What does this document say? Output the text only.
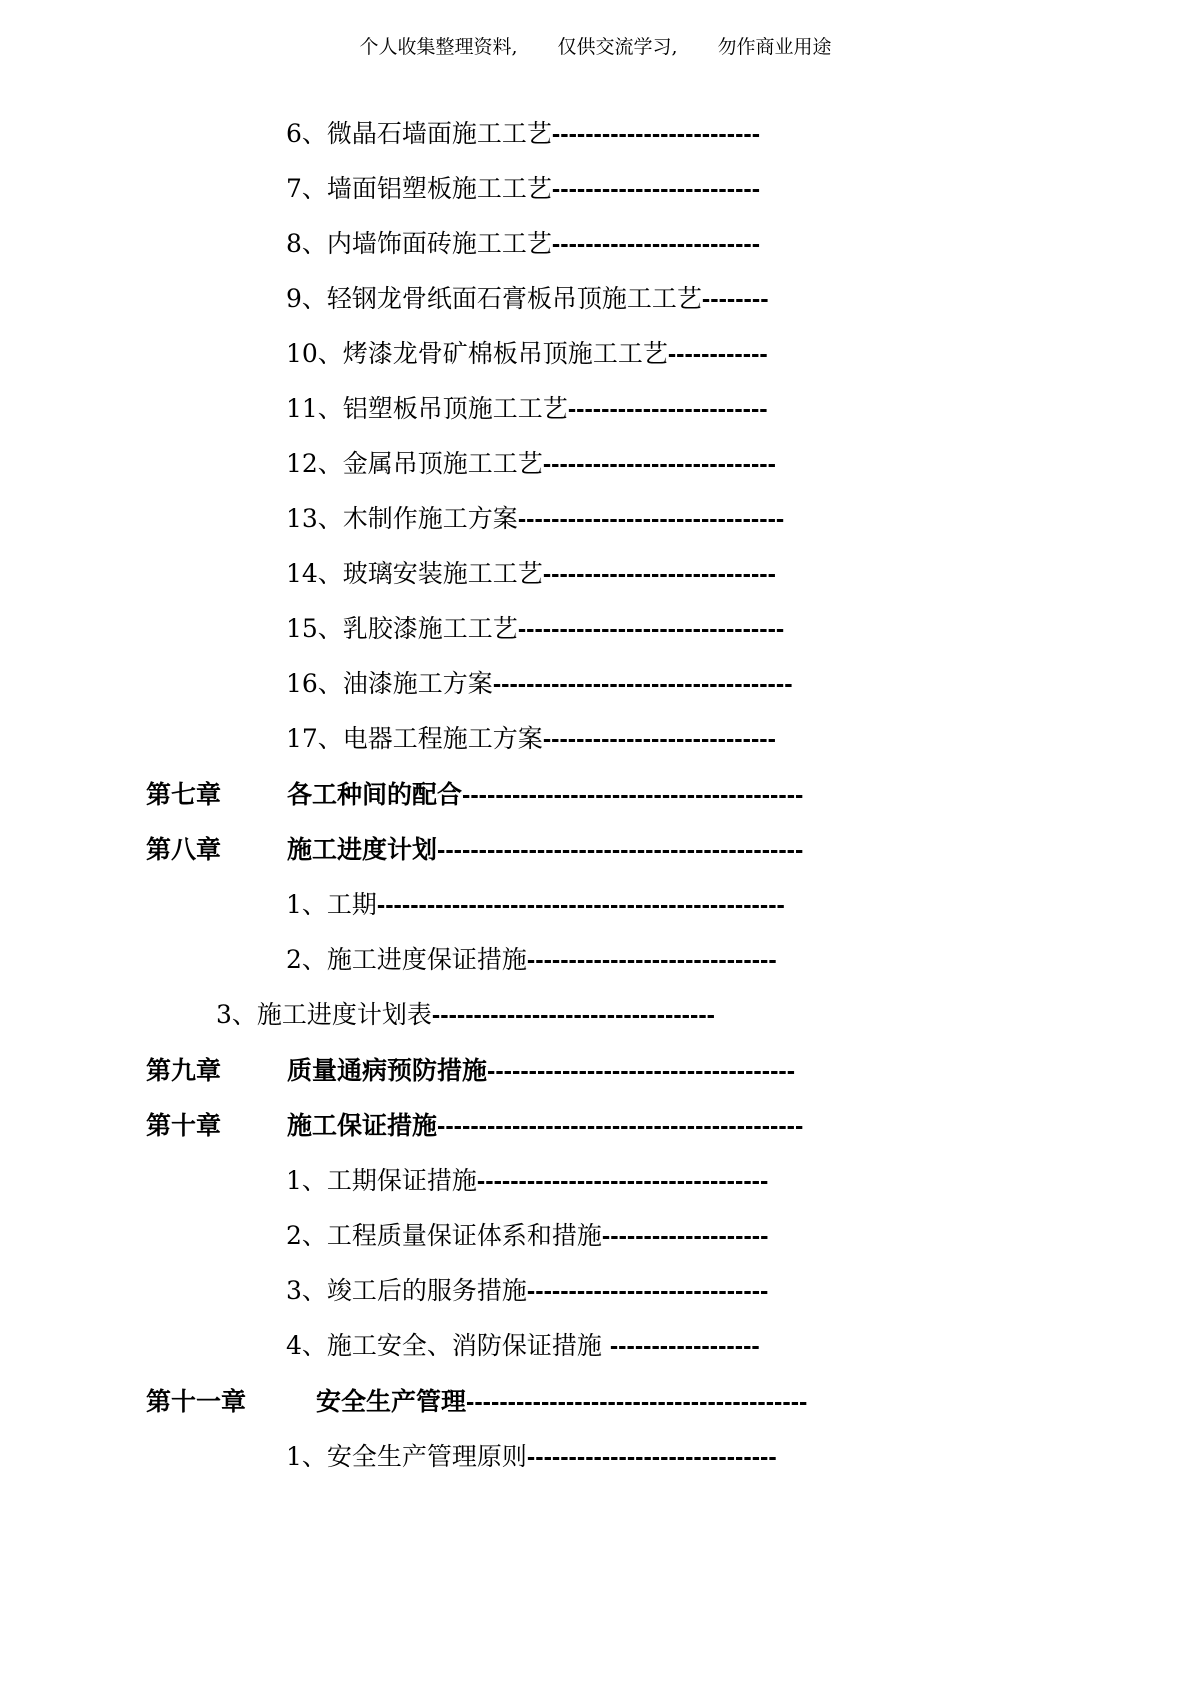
个人收集整理资料, 仅供交流学习, 勿作商业用途
6、微晶石墙面施工工艺-------------------------
7、墙面铝塑板施工工艺-------------------------
8、内墙饰面砖施工工艺-------------------------
9、轻钢龙骨纸面石膏板吊顶施工工艺--------
10、烤漆龙骨矿棉板吊顶施工工艺------------
11、铝塑板吊顶施工工艺------------------------
12、金属吊顶施工工艺----------------------------
13、木制作施工方案--------------------------------
14、玻璃安装施工工艺----------------------------
15、乳胶漆施工工艺--------------------------------
16、油漆施工方案------------------------------------
17、电器工程施工方案----------------------------
第七章	各工种间的配合-----------------------------------------
第八章	施工进度计划--------------------------------------------
1、工期-------------------------------------------------
2、施工进度保证措施------------------------------
3、施工进度计划表----------------------------------
第九章	质量通病预防措施-------------------------------------
第十章	施工保证措施--------------------------------------------
1、工期保证措施-----------------------------------
2、工程质量保证体系和措施--------------------
3、竣工后的服务措施-----------------------------
4、施工安全、消防保证措施 ------------------
第十一章	安全生产管理-----------------------------------------
1、安全生产管理原则------------------------------
